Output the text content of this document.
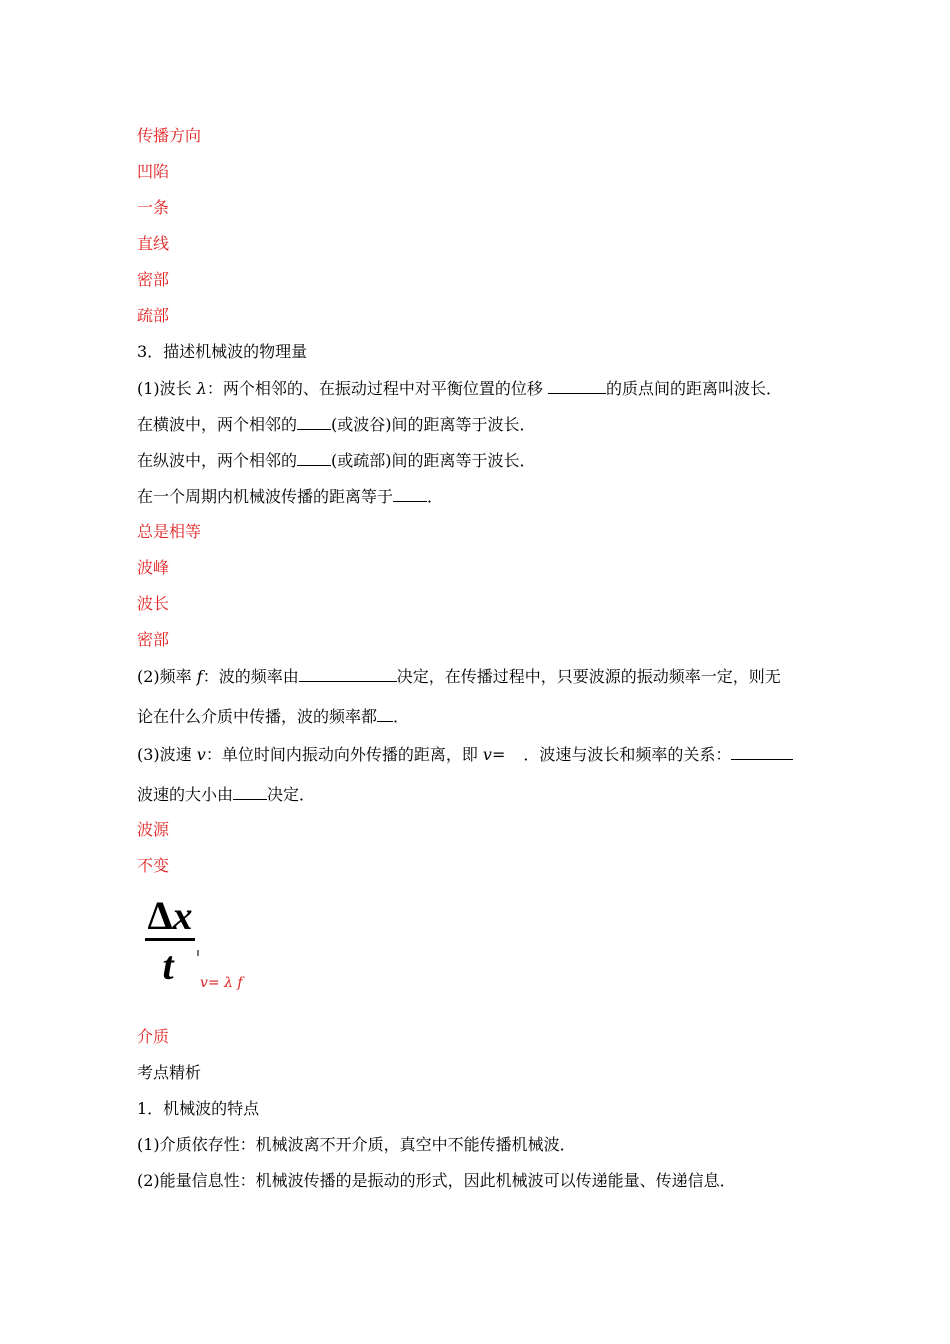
传播方向
凹陷
一条
直线
密部
疏部
3．描述机械波的物理量
(1)波长 λ：两个相邻的、在振动过程中对平衡位置的位移	的质点间的距离叫波长．
在横波中，两个相邻的 (或波谷)间的距离等于波长．
在纵波中，两个相邻的 (或疏部)间的距离等于波长．
在一个周期内机械波传播的距离等于 ．
总是相等
波峰
波长
密部
(2)频率 f：波的频率由	决定，在传播过程中，只要波源的振动频率一定，则无
论在什么介质中传播，波的频率都 ．
(3)波速 v：单位时间内振动向外传播的距离，即 v= ．波速与波长和频率的关系：
波速的大小由 决定．
波源
不变
Δx
t	v= λ f
介质
考点精析
1．机械波的特点
(1)介质依存性：机械波离不开介质，真空中不能传播机械波．
(2)能量信息性：机械波传播的是振动的形式，因此机械波可以传递能量、传递信息．
